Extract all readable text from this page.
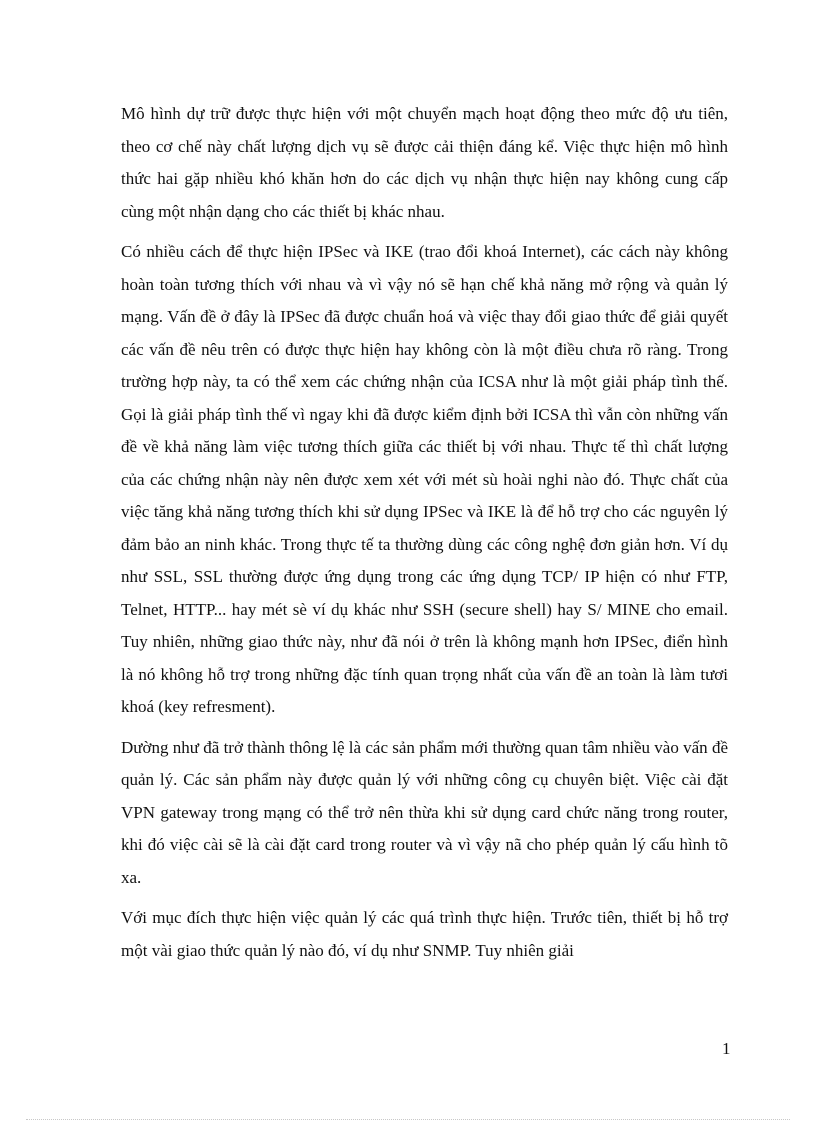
Mô hình dự trữ được thực hiện với một chuyển mạch hoạt động theo mức độ ưu tiên, theo cơ chế này chất lượng dịch vụ sẽ được cải thiện đáng kể. Việc thực hiện mô hình thức hai gặp nhiều khó khăn hơn do các dịch vụ nhận thực hiện nay không cung cấp cùng một nhận dạng cho các thiết bị khác nhau.

Có nhiều cách để thực hiện IPSec và IKE (trao đổi khoá Internet), các cách này không hoàn toàn tương thích với nhau và vì vậy nó sẽ hạn chế khả năng mở rộng và quản lý mạng. Vấn đề ở đây là IPSec đã được chuẩn hoá và việc thay đổi giao thức để giải quyết các vấn đề nêu trên có được thực hiện hay không còn là một điều chưa rõ ràng. Trong trường hợp này, ta có thể xem các chứng nhận của ICSA như là một giải pháp tình thế. Gọi là giải pháp tình thế vì ngay khi đã được kiểm định bởi ICSA thì vẫn còn những vấn đề về khả năng làm việc tương thích giữa các thiết bị với nhau. Thực tế thì chất lượng của các chứng nhận này nên được xem xét với mét sù hoài nghi nào đó. Thực chất của việc tăng khả năng tương thích khi sử dụng IPSec và IKE là để hỗ trợ cho các nguyên lý đảm bảo an ninh khác. Trong thực tế ta thường dùng các công nghệ đơn giản hơn. Ví dụ như SSL, SSL thường được ứng dụng trong các ứng dụng TCP/ IP hiện có như FTP, Telnet, HTTP... hay mét sè ví dụ khác như SSH (secure shell) hay S/ MINE cho email. Tuy nhiên, những giao thức này, như đã nói ở trên là không mạnh hơn IPSec, điển hình là nó không hỗ trợ trong những đặc tính quan trọng nhất của vấn đề an toàn là làm tươi khoá (key refresment).

Dường như đã trở thành thông lệ là các sản phẩm mới thường quan tâm nhiều vào vấn đề quản lý. Các sản phẩm này được quản lý với những công cụ chuyên biệt. Việc cài đặt VPN gateway trong mạng có thể trở nên thừa khi sử dụng card chức năng trong router, khi đó việc cài sẽ là cài đặt card trong router và vì vậy nã cho phép quản lý cấu hình tõ xa.

Với mục đích thực hiện việc quản lý các quá trình thực hiện. Trước tiên, thiết bị hỗ trợ một vài giao thức quản lý nào đó, ví dụ như SNMP. Tuy nhiên giải

1
